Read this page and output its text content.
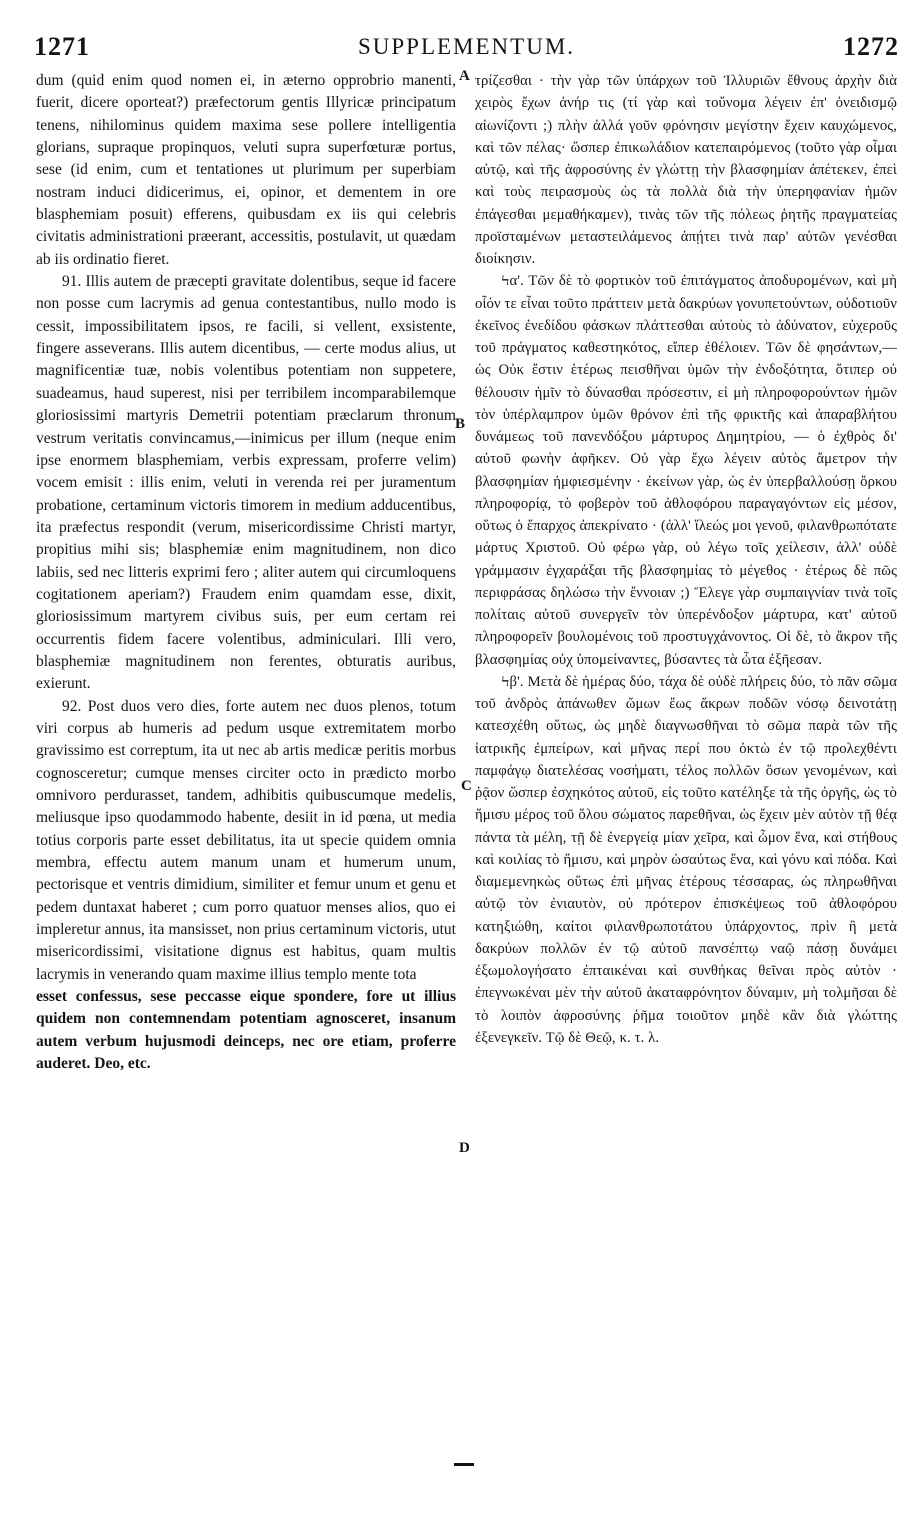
1271	SUPPLEMENTUM.	1272

dum (quid enim quod nomen ei, in æterno opprobrio manenti, fuerit, dicere oporteat?) præfectorum gentis Illyricæ principatum tenens, nihilominus quidem maxima sese pollere intelligentia glorians, supraque propinquos, veluti supra superfœturæ portus, sese (id enim, cum et tentationes ut plurimum per superbiam nostram induci didicerimus, ei, opinor, et dementem in ore blasphemiam posuit) efferens, quibusdam ex iis qui celebris civitatis administrationi præerant, accessitis, postulavit, ut quædam ab iis ordinatio fieret.

91. Illis autem de præcepti gravitate dolentibus, seque id facere non posse cum lacrymis ad genua contestantibus, nullo modo is cessit, impossibilitatem ipsos, re facili, si vellent, exsistente, fingere asseverans. Illis autem dicentibus, — certe modus alius, ut magnificentiæ tuæ, nobis volentibus potentiam non suppetere, suadeamus, haud superest, nisi per terribilem incomparabilemque gloriosissimi martyris Demetrii potentiam præclarum thronum vestrum veritatis convincamus,—inimicus per illum (neque enim ipse enormem blasphemiam, verbis expressam, proferre velim) vocem emisit : illis enim, veluti in verenda rei per juramentum probatione, certaminum victoris timorem in medium adducentibus, ita præfectus respondit (verum, misericordissime Christi martyr, propitius mihi sis; blasphemiæ enim magnitudinem, non dico labiis, sed nec litteris exprimi fero ; aliter autem qui circumloquens cogitationem aperiam?) Fraudem enim quamdam esse, dixit, gloriosissimum martyrem civibus suis, per eum certam rei occurrentis fidem facere volentibus, adminiculari. Illi vero, blasphemiæ magnitudinem non ferentes, obturatis auribus, exierunt.

92. Post duos vero dies, forte autem nec duos plenos, totum viri corpus ab humeris ad pedum usque extremitatem morbo gravissimo est correptum, ita ut nec ab artis medicæ peritis morbus cognosceretur; cumque menses circiter octo in prædicto morbo omnivoro perdurasset, tandem, adhibitis quibuscumque medelis, meliusque ipso quodammodo habente, desiit in id pœna, ut media totius corporis parte esset debilitatus, ita ut specie quidem omnia membra, effectu autem manum unam et humerum unum, pectorisque et ventris dimidium, similiter et femur unum et genu et pedem duntaxat haberet ; cum porro quatuor menses alios, quo ei impleretur annus, ita mansisset, non prius certaminum victoris, utut misericordissimi, visitatione dignus est habitus, quam multis lacrymis in venerando quam maxime illius templo mente tota

esset confessus, sese peccasse eique spondere, fore ut illius quidem non contemnendam potentiam agnosceret, insanum autem verbum hujusmodi deinceps, nec ore etiam, proferre auderet. Deo, etc.

A
B
C
D

τρίζεσθαι · τὴν γὰρ τῶν ὑπάρχων τοῦ Ἰλλυριῶν ἔθνους ἀρχὴν διὰ χειρὸς ἔχων ἀνήρ τις (τί γὰρ καὶ τοὔνομα λέγειν ἐπ' ὀνειδισμῷ αἰωνίζοντι ;) πλὴν ἀλλά γοῦν φρόνησιν μεγίστην ἔχειν καυχώμενος, καὶ τῶν πέλας· ὥσπερ ἐπικωλάδιον κατεπαιρόμενος (τοῦτο γὰρ οἶμαι αὐτῷ, καὶ τῆς ἀφροσύνης ἐν γλώττῃ τὴν βλασφημίαν ἀπέτεκεν, ἐπεὶ καὶ τοὺς πειρασμοὺς ὡς τὰ πολλὰ διὰ τὴν ὑπερηφανίαν ἡμῶν ἐπάγεσθαι μεμαθήκαμεν), τινὰς τῶν τῆς πόλεως ῥητῆς πραγματείας προϊσταμένων μεταστειλάμενος ἀπῄτει τινὰ παρ' αὐτῶν γενέσθαι διοίκησιν.

Ϟα'. Τῶν δὲ τὸ φορτικὸν τοῦ ἐπιτάγματος ἀποδυρομένων, καὶ μὴ οἷόν τε εἶναι τοῦτο πράττειν μετὰ δακρύων γονυπετούντων, οὐδοτιοῦν ἐκεῖνος ἐνεδίδου φάσκων πλάττεσθαι αὐτοὺς τὸ ἀδύνατον, εὐχεροῦς τοῦ πράγματος καθεστηκότος, εἴπερ ἐθέλοιεν. Τῶν δὲ φησάντων,— ὡς Οὐκ ἔστιν ἑτέρως πεισθῆναι ὑμῶν τὴν ἐνδοξότητα, ὅτιπερ οὐ θέλουσιν ἡμῖν τὸ δύνασθαι πρόσεστιν, εἰ μὴ πληροφορούντων ἡμῶν τὸν ὑπέρλαμπρον ὑμῶν θρόνον ἐπὶ τῆς φρικτῆς καὶ ἀπαραβλήτου δυνάμεως τοῦ πανενδόξου μάρτυρος Δημητρίου, — ὁ ἐχθρὸς δι' αὐτοῦ φωνὴν ἀφῆκεν. Οὐ γὰρ ἔχω λέγειν αὐτὸς ἄμετρον τὴν βλασφημίαν ἠμφιεσμένην · ἐκείνων γὰρ, ὡς ἐν ὑπερβαλλούσῃ ὅρκου πληροφορίᾳ, τὸ φοβερὸν τοῦ ἀθλοφόρου παραγαγόντων εἰς μέσον, οὕτως ὁ ἔπαρχος ἀπεκρίνατο · (ἀλλ' ἵλεώς μοι γενοῦ, φιλανθρωπότατε μάρτυς Χριστοῦ. Οὐ φέρω γὰρ, οὐ λέγω τοῖς χείλεσιν, ἀλλ' οὐδὲ γράμμασιν ἐγχαράξαι τῆς βλασφημίας τὸ μέγεθος · ἑτέρως δὲ πῶς περιφράσας δηλώσω τὴν ἔννοιαν ;) Ἔλεγε γὰρ συμπαιγνίαν τινὰ τοῖς πολίταις αὐτοῦ συνεργεῖν τὸν ὑπερένδοξον μάρτυρα, κατ' αὐτοῦ πληροφορεῖν βουλομένοις τοῦ προστυγχάνοντος. Οἱ δὲ, τὸ ἄκρον τῆς βλασφημίας οὐχ ὑπομείναντες, βύσαντες τὰ ὦτα ἐξῆεσαν.

Ϟβ'. Μετὰ δὲ ἡμέρας δύο, τάχα δὲ οὐδὲ πλήρεις δύο, τὸ πᾶν σῶμα τοῦ ἀνδρὸς ἀπάνωθεν ὤμων ἕως ἄκρων ποδῶν νόσῳ δεινοτάτῃ κατεσχέθη οὕτως, ὡς μηδὲ διαγνωσθῆναι τὸ σῶμα παρὰ τῶν τῆς ἰατρικῆς ἐμπείρων, καὶ μῆνας περί που ὀκτὼ ἐν τῷ προλεχθέντι παμφάγῳ διατελέσας νοσήματι, τέλος πολλῶν ὅσων γενομένων, καὶ ῥᾷον ὥσπερ ἐσχηκότος αὐτοῦ, εἰς τοῦτο κατέληξε τὰ τῆς ὀργῆς, ὡς τὸ ἥμισυ μέρος τοῦ ὅλου σώματος παρεθῆναι, ὡς ἔχειν μὲν αὐτὸν τῇ θέᾳ πάντα τὰ μέλη, τῇ δὲ ἐνεργείᾳ μίαν χεῖρα, καὶ ὦμον ἕνα, καὶ στήθους καὶ κοιλίας τὸ ἥμισυ, καὶ μηρὸν ὡσαύτως ἕνα, καὶ γόνυ καὶ πόδα. Καὶ διαμεμενηκὼς οὕτως ἐπὶ μῆνας ἑτέρους τέσσαρας, ὡς πληρωθῆναι αὐτῷ τὸν ἐνιαυτὸν, οὐ πρότερον ἐπισκέψεως τοῦ ἀθλοφόρου κατηξιώθη, καίτοι φιλανθρωποτάτου ὑπάρχοντος, πρὶν ἢ μετὰ δακρύων πολλῶν ἐν τῷ αὐτοῦ πανσέπτῳ ναῷ πάσῃ δυνάμει ἐξωμολογήσατο ἐπταικέναι καὶ συνθήκας θεῖναι πρὸς αὐτὸν · ἐπεγνωκέναι μὲν τὴν αὐτοῦ ἀκαταφρόνητον δύναμιν, μὴ τολμῆσαι δὲ τὸ λοιπὸν ἀφροσύνης ῥῆμα τοιοῦτον μηδὲ κἂν διὰ γλώττης ἐξενεγκεῖν. Τῷ δὲ Θεῷ, κ. τ. λ.
